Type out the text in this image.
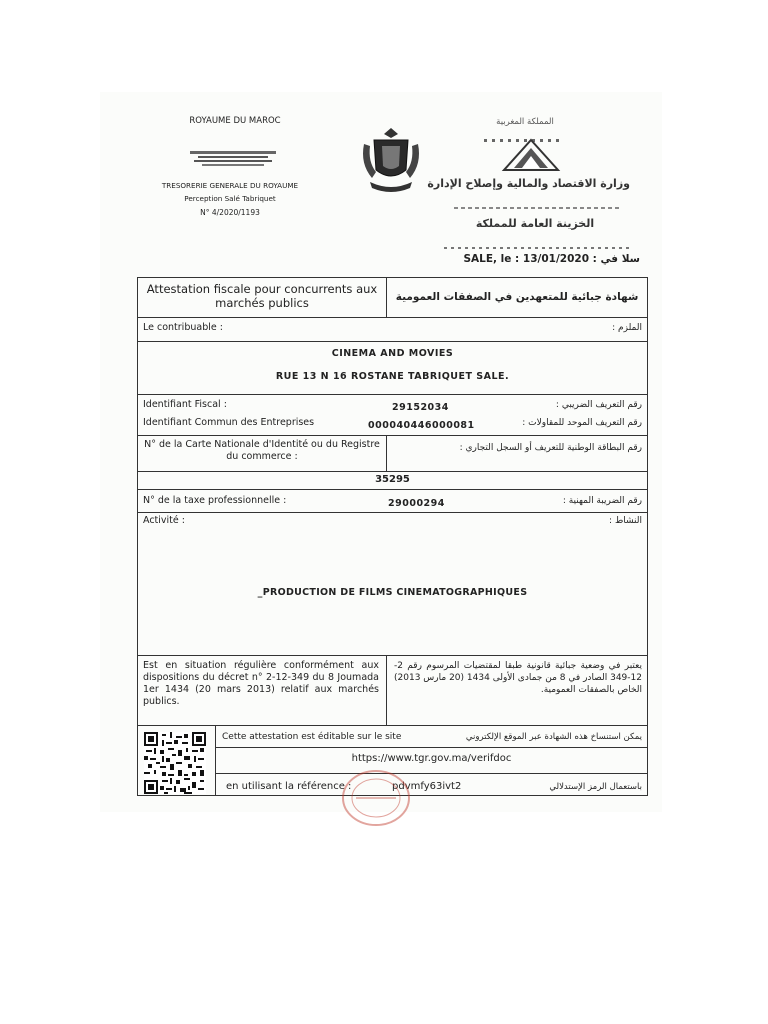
ROYAUME DU MAROC
TRESORERIE GENERALE DU ROYAUME
Perception Salé Tabriquet
N° 4/2020/1193
المملكة المغربية
وزارة الاقتصاد والمالية وإصلاح الإدارة
الخزينة العامة للمملكة
SALE, le : 13/01/2020 : سلا في
Attestation fiscale pour concurrents aux marchés publics	شهادة جبائية للمتعهدين في الصفقات العمومية
Le contribuable :	الملزم :
CINEMA AND MOVIES
RUE 13 N 16 ROSTANE TABRIQUET SALE.
Identifiant Fiscal :	29152034	رقم التعريف الضريبي :
Identifiant Commun des Entreprises	000040446000081	رقم التعريف الموحد للمقاولات :
N° de la Carte Nationale d'Identité ou du Registre du commerce :
رقم البطاقة الوطنية للتعريف أو السجل التجاري :
35295
N° de la taxe professionnelle :	29000294	رقم الضريبة المهنية :
Activité :	النشاط :
_PRODUCTION DE FILMS CINEMATOGRAPHIQUES
Est en situation régulière conformément aux dispositions du décret n° 2-12-349 du 8 Joumada 1er 1434 (20 mars 2013) relatif aux marchés publics.
يعتبر في وضعية جبائية قانونية طبقا لمقتضيات المرسوم رقم 2-12-349 الصادر في 8 من جمادى الأولى 1434 (20 مارس 2013) الخاص بالصفقات العمومية.
Cette attestation est éditable sur le site	يمكن استنساخ هذه الشهادة عبر الموقع الإلكتروني
https://www.tgr.gov.ma/verifdoc
en utilisant la référence :	pdvmfy63ivt2	باستعمال الرمز الإستدلالي
